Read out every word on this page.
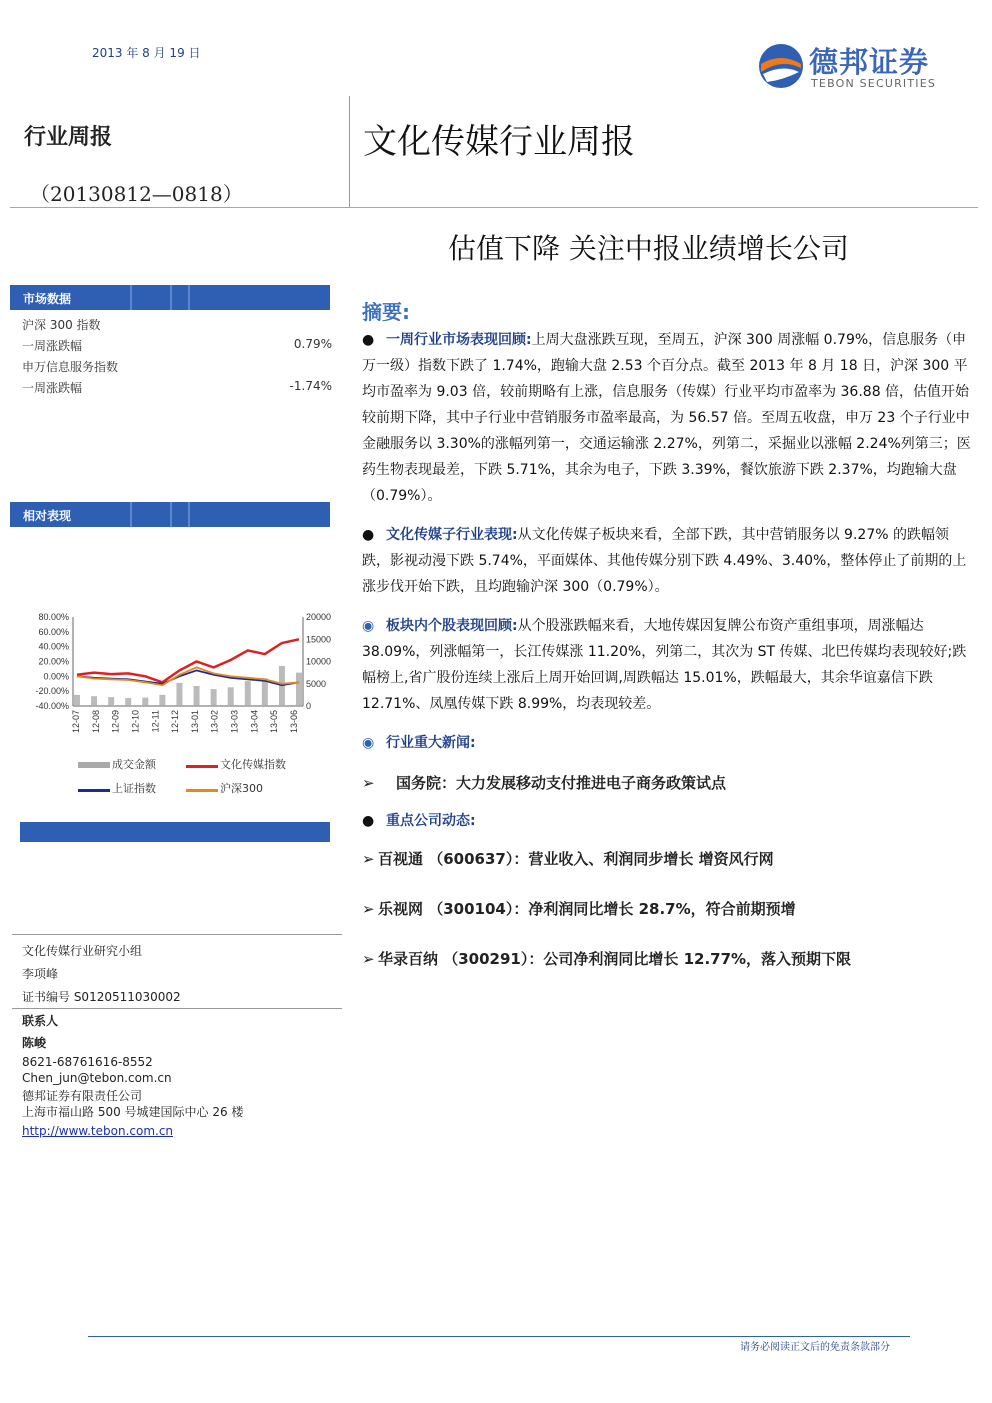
2013 年 8 月 19 日	德邦证券
TEBON SECURITIES
行业周报
（20130812—0818）
文化传媒行业周报
估值下降 关注中报业绩增长公司
市场数据
沪深 300 指数
一周涨跌幅	0.79%
申万信息服务指数
一周涨跌幅	-1.74%
相对表现
80.00%
60.00%
40.00%
20.00%
0.00%
-20.00%
-40.00%
20000
15000
10000
5000
0
12-07 12-08 12-09 12-10 12-11 12-12 13-01 13-02 13-03 13-04 13-05 13-06
成交金额	文化传媒指数
上证指数	沪深300
文化传媒行业研究小组
李项峰
证书编号 S0120511030002
联系人
陈峻
8621-68761616-8552
Chen_jun@tebon.com.cn
德邦证券有限责任公司
上海市福山路 500 号城建国际中心 26 楼
http://www.tebon.com.cn
摘要:
● 一周行业市场表现回顾:上周大盘涨跌互现，至周五，沪深 300 周涨幅 0.79%，信息服务（申万一级）指数下跌了 1.74%，跑输大盘 2.53 个百分点。截至 2013 年 8 月 18 日，沪深 300 平均市盈率为 9.03 倍，较前期略有上涨，信息服务（传媒）行业平均市盈率为 36.88 倍，估值开始较前期下降，其中子行业中营销服务市盈率最高，为 56.57 倍。至周五收盘，申万 23 个子行业中金融服务以 3.30%的涨幅列第一，交通运输涨 2.27%，列第二，采掘业以涨幅 2.24%列第三；医药生物表现最差，下跌 5.71%，其余为电子，下跌 3.39%，餐饮旅游下跌 2.37%，均跑输大盘（0.79%）。
● 文化传媒子行业表现:从文化传媒子板块来看，全部下跌，其中营销服务以 9.27% 的跌幅领跌，影视动漫下跌 5.74%，平面媒体、其他传媒分别下跌 4.49%、3.40%，整体停止了前期的上涨步伐开始下跌，且均跑输沪深 300（0.79%）。
◉ 板块内个股表现回顾:从个股涨跌幅来看，大地传媒因复牌公布资产重组事项，周涨幅达 38.09%，列涨幅第一，长江传媒涨 11.20%，列第二，其次为 ST 传媒、北巴传媒均表现较好;跌幅榜上,省广股份连续上涨后上周开始回调,周跌幅达 15.01%，跌幅最大，其余华谊嘉信下跌 12.71%、凤凰传媒下跌 8.99%，均表现较差。
◉ 行业重大新闻:
➢ 国务院：大力发展移动支付推进电子商务政策试点
● 重点公司动态:
➢ 百视通 （600637）：营业收入、利润同步增长 增资风行网
➢ 乐视网 （300104）：净利润同比增长 28.7%，符合前期预增
➢ 华录百纳 （300291）：公司净利润同比增长 12.77%，落入预期下限
请务必阅读正文后的免责条款部分
